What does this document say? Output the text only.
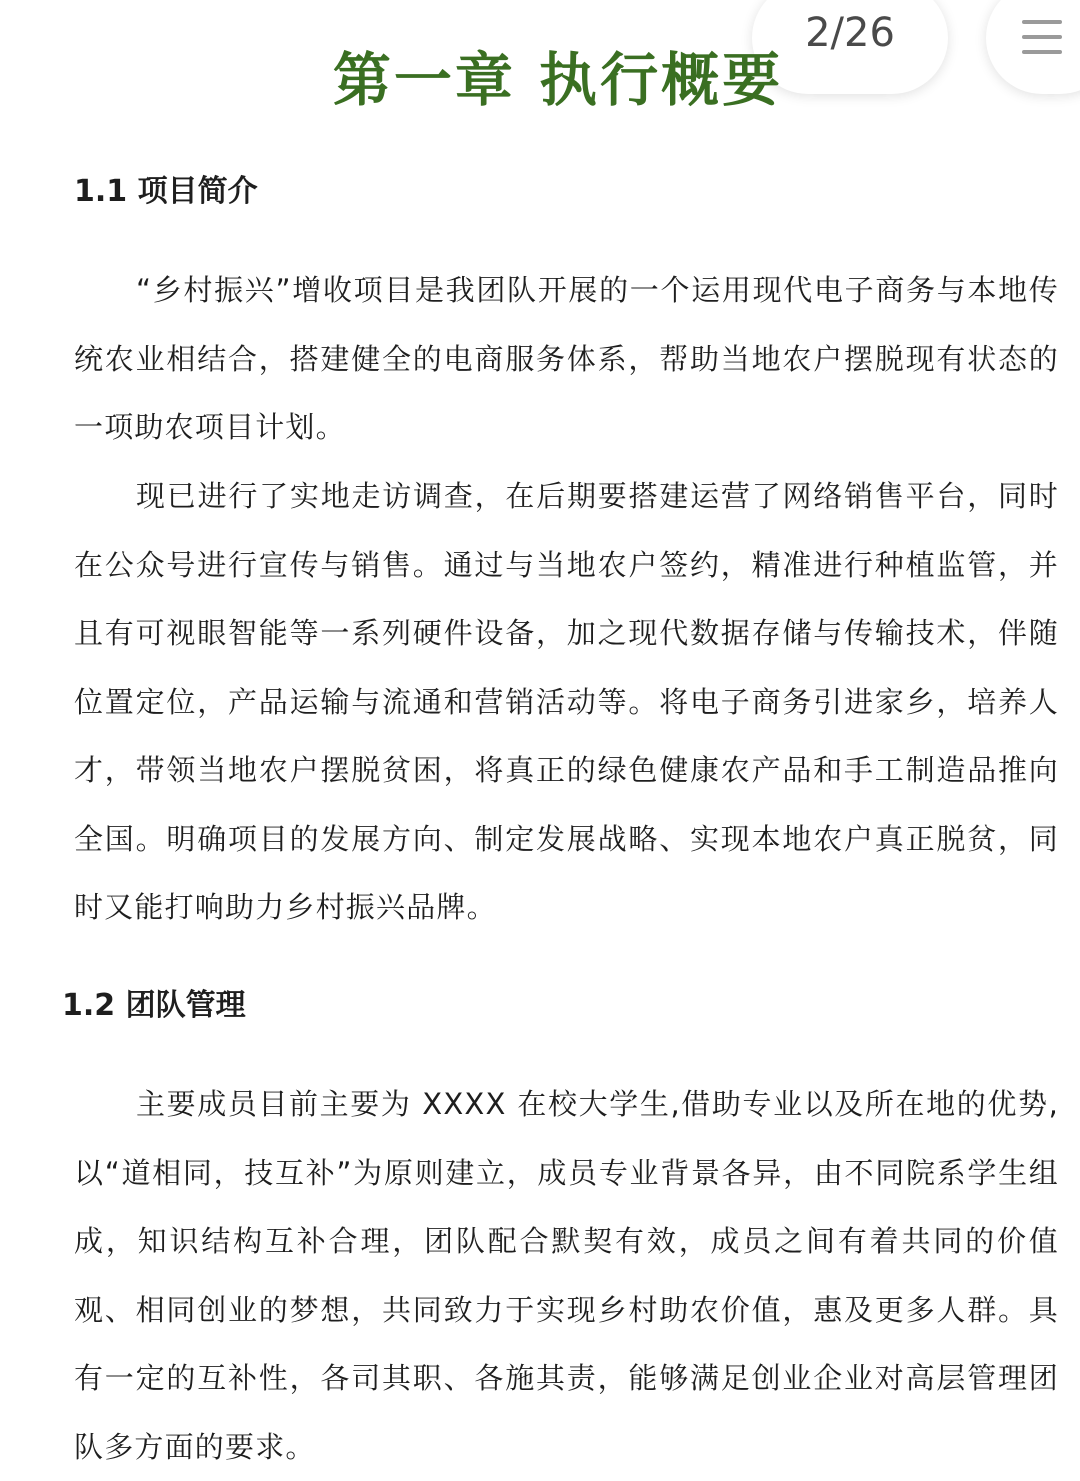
2/26
第一章 执行概要
1.1 项目简介

“乡村振兴”增收项目是我团队开展的一个运用现代电子商务与本地传统农业相结合，搭建健全的电商服务体系，帮助当地农户摆脱现有状态的一项助农项目计划。

现已进行了实地走访调查，在后期要搭建运营了网络销售平台，同时在公众号进行宣传与销售。通过与当地农户签约，精准进行种植监管，并且有可视眼智能等一系列硬件设备，加之现代数据存储与传输技术，伴随位置定位，产品运输与流通和营销活动等。将电子商务引进家乡，培养人才，带领当地农户摆脱贫困，将真正的绿色健康农产品和手工制造品推向全国。明确项目的发展方向、制定发展战略、实现本地农户真正脱贫，同时又能打响助力乡村振兴品牌。

1.2 团队管理

主要成员目前主要为 XXXX 在校大学生,借助专业以及所在地的优势,以“道相同，技互补”为原则建立，成员专业背景各异，由不同院系学生组成，知识结构互补合理，团队配合默契有效，成员之间有着共同的价值观、相同创业的梦想，共同致力于实现乡村助农价值，惠及更多人群。具有一定的互补性，各司其职、各施其责，能够满足创业企业对高层管理团队多方面的要求。
